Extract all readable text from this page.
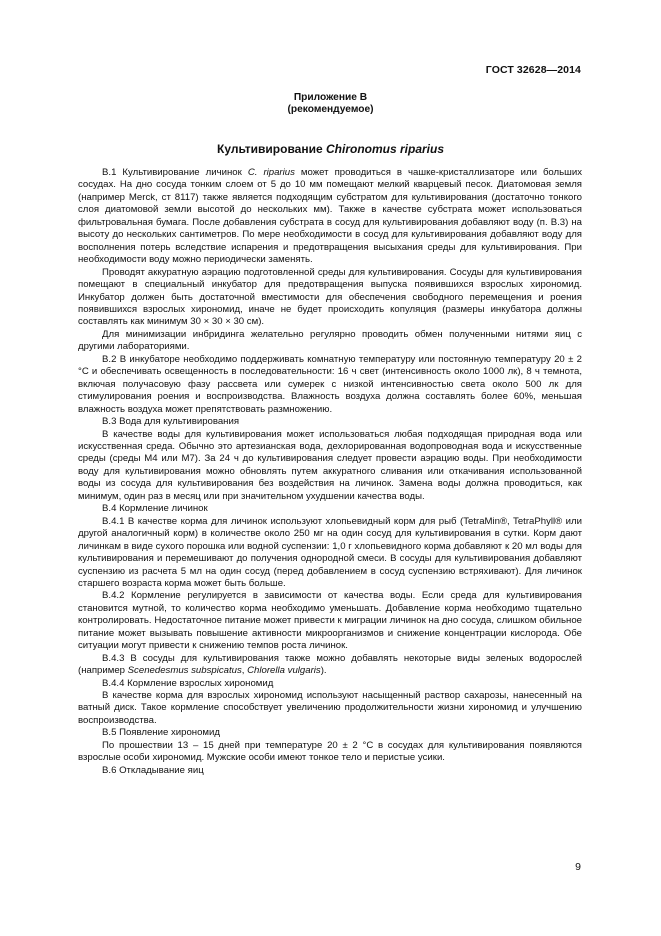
ГОСТ 32628—2014
Приложение В
(рекомендуемое)
Культивирование Chironomus riparius

В.1 Культивирование личинок C. riparius может проводиться в чашке-кристаллизаторе или больших сосудах. На дно сосуда тонким слоем от 5 до 10 мм помещают мелкий кварцевый песок. Диатомовая земля (например Merck, ст 8117) также является подходящим субстратом для культивирования (достаточно тонкого слоя диатомовой земли высотой до нескольких мм). Также в качестве субстрата может использоваться фильтровальная бумага. После добавления субстрата в сосуд для культивирования добавляют воду (п. В.3) на высоту до нескольких сантиметров. По мере необходимости в сосуд для культивирования добавляют воду для восполнения потерь вследствие испарения и предотвращения высыхания среды для культивирования. При необходимости воду можно периодически заменять.

Проводят аккуратную аэрацию подготовленной среды для культивирования. Сосуды для культивирования помещают в специальный инкубатор для предотвращения выпуска появившихся взрослых хирономид. Инкубатор должен быть достаточной вместимости для обеспечения свободного перемещения и роения появившихся взрослых хирономид, иначе не будет происходить копуляция (размеры инкубатора должны составлять как минимум 30 × 30 × 30 см).

Для минимизации инбридинга желательно регулярно проводить обмен полученными нитями яиц с другими лабораториями.

В.2 В инкубаторе необходимо поддерживать комнатную температуру или постоянную температуру 20 ± 2 °С и обеспечивать освещенность в последовательности: 16 ч свет (интенсивность около 1000 лк), 8 ч темнота, включая получасовую фазу рассвета или сумерек с низкой интенсивностью света около 500 лк для стимулирования роения и воспроизводства. Влажность воздуха должна составлять более 60%, меньшая влажность воздуха может препятствовать размножению.

В.3 Вода для культивирования

В качестве воды для культивирования может использоваться любая подходящая природная вода или искусственная среда. Обычно это артезианская вода, дехлорированная водопроводная вода и искусственные среды (среды М4 или М7). За 24 ч до культивирования следует провести аэрацию воды. При необходимости воду для культивирования можно обновлять путем аккуратного сливания или откачивания использованной воды из сосуда для культивирования без воздействия на личинок. Замена воды должна проводиться, как минимум, один раз в месяц или при значительном ухудшении качества воды.

В.4 Кормление личинок

В.4.1 В качестве корма для личинок используют хлопьевидный корм для рыб (TetraMin®, TetraPhyll® или другой аналогичный корм) в количестве около 250 мг на один сосуд для культивирования в сутки. Корм дают личинкам в виде сухого порошка или водной суспензии: 1,0 г хлопьевидного корма добавляют к 20 мл воды для культивирования и перемешивают до получения однородной смеси. В сосуды для культивирования добавляют суспензию из расчета 5 мл на один сосуд (перед добавлением в сосуд суспензию встряхивают). Для личинок старшего возраста корма может быть больше.

В.4.2 Кормление регулируется в зависимости от качества воды. Если среда для культивирования становится мутной, то количество корма необходимо уменьшать. Добавление корма необходимо тщательно контролировать. Недостаточное питание может привести к миграции личинок на дно сосуда, слишком обильное питание может вызывать повышение активности микроорганизмов и снижение концентрации кислорода. Обе ситуации могут привести к снижению темпов роста личинок.

В.4.3 В сосуды для культивирования также можно добавлять некоторые виды зеленых водорослей (например Scenedesmus subspicatus, Chlorella vulgaris).

В.4.4 Кормление взрослых хирономид

В качестве корма для взрослых хирономид используют насыщенный раствор сахарозы, нанесенный на ватный диск. Такое кормление способствует увеличению продолжительности жизни хирономид и улучшению воспроизводства.

В.5 Появление хирономид

По прошествии 13 – 15 дней при температуре 20 ± 2 °С в сосудах для культивирования появляются взрослые особи хирономид. Мужские особи имеют тонкое тело и перистые усики.

В.6 Откладывание яиц

9
